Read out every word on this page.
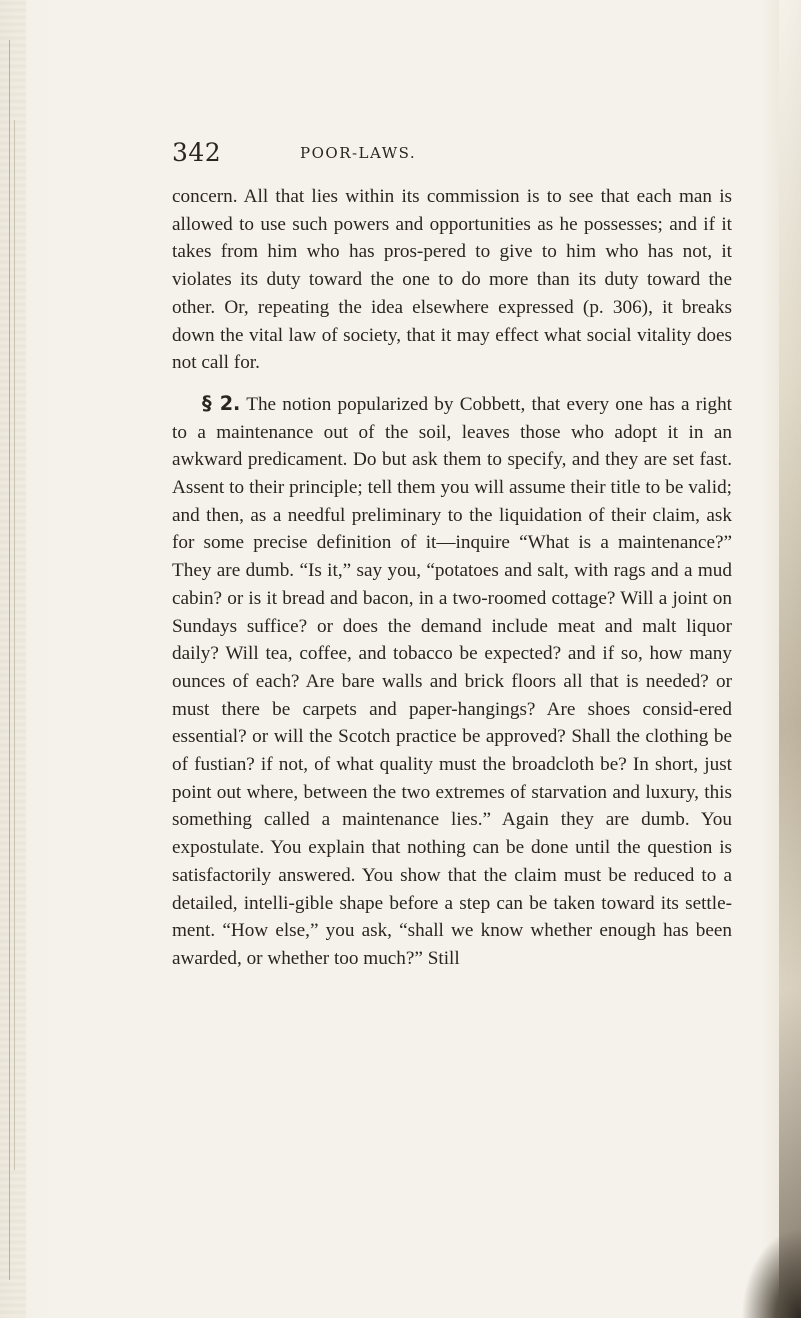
342	POOR-LAWS.

concern. All that lies within its commission is to see that each man is allowed to use such powers and opportunities as he possesses; and if it takes from him who has pros-pered to give to him who has not, it violates its duty toward the one to do more than its duty toward the other. Or, repeating the idea elsewhere expressed (p. 306), it breaks down the vital law of society, that it may effect what social vitality does not call for.

§ 2. The notion popularized by Cobbett, that every one has a right to a maintenance out of the soil, leaves those who adopt it in an awkward predicament. Do but ask them to specify, and they are set fast. Assent to their principle; tell them you will assume their title to be valid; and then, as a needful preliminary to the liquidation of their claim, ask for some precise definition of it—inquire “What is a maintenance?” They are dumb. “Is it,” say you, “potatoes and salt, with rags and a mud cabin? or is it bread and bacon, in a two-roomed cottage? Will a joint on Sundays suffice? or does the demand include meat and malt liquor daily? Will tea, coffee, and tobacco be expected? and if so, how many ounces of each? Are bare walls and brick floors all that is needed? or must there be carpets and paper-hangings? Are shoes consid-ered essential? or will the Scotch practice be approved? Shall the clothing be of fustian? if not, of what quality must the broadcloth be? In short, just point out where, between the two extremes of starvation and luxury, this something called a maintenance lies.” Again they are dumb. You expostulate. You explain that nothing can be done until the question is satisfactorily answered. You show that the claim must be reduced to a detailed, intelli-gible shape before a step can be taken toward its settle-ment. “How else,” you ask, “shall we know whether enough has been awarded, or whether too much?” Still
